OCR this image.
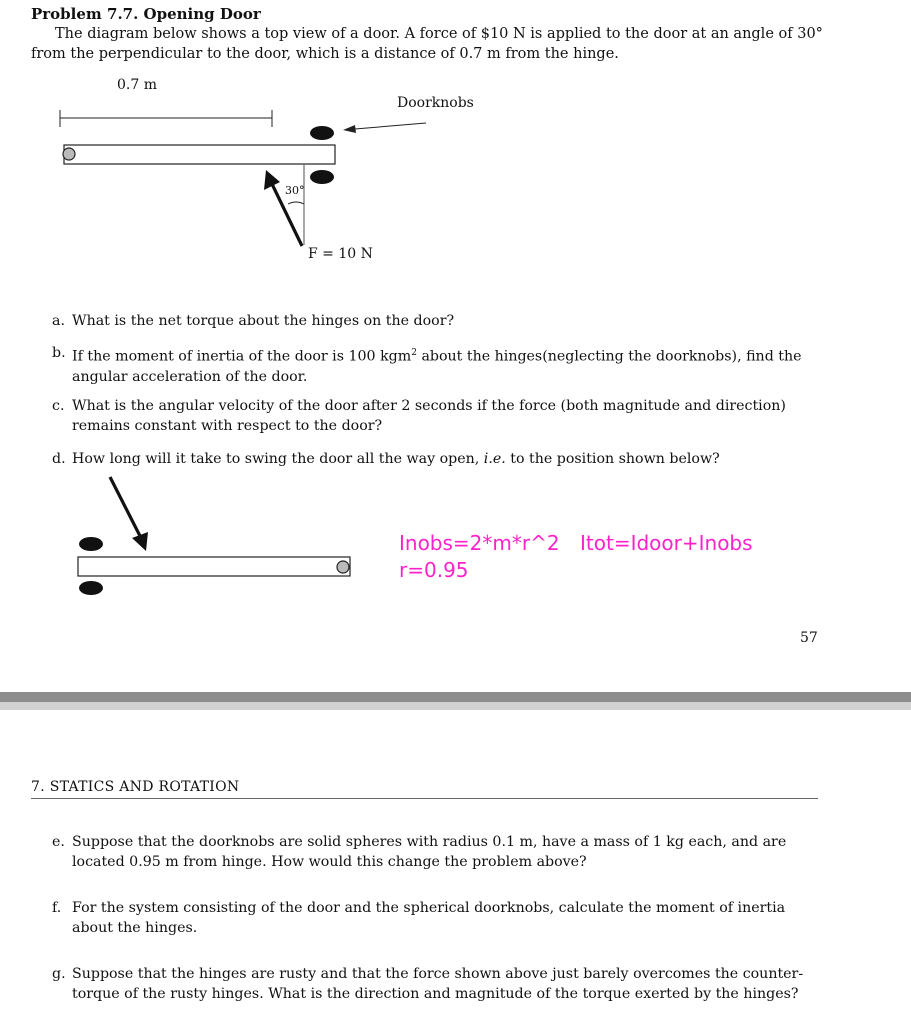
Problem 7.7. Opening Door
The diagram below shows a top view of a door. A force of $10 N is applied to the door at an angle of 30° from the perpendicular to the door, which is a distance of 0.7 m from the hinge.
0.7 m
Doorknobs
30°
F = 10 N
a. What is the net torque about the hinges on the door?
b. If the moment of inertia of the door is 100 kgm$^2$ about the hinges(neglecting the doorknobs), find the angular acceleration of the door.
c. What is the angular velocity of the door after 2 seconds if the force (both magnitude and direction) remains constant with respect to the door?
d. How long will it take to swing the door all the way open, i.e. to the position shown below?
Inobs=2*m*r^2 Itot=Idoor+Inobs
r=0.95
57
7. STATICS AND ROTATION
e. Suppose that the doorknobs are solid spheres with radius 0.1 m, have a mass of 1 kg each, and are located 0.95 m from hinge. How would this change the problem above?
f. For the system consisting of the door and the spherical doorknobs, calculate the moment of inertia about the hinges.
g. Suppose that the hinges are rusty and that the force shown above just barely overcomes the counter-torque of the rusty hinges. What is the direction and magnitude of the torque exerted by the hinges?
